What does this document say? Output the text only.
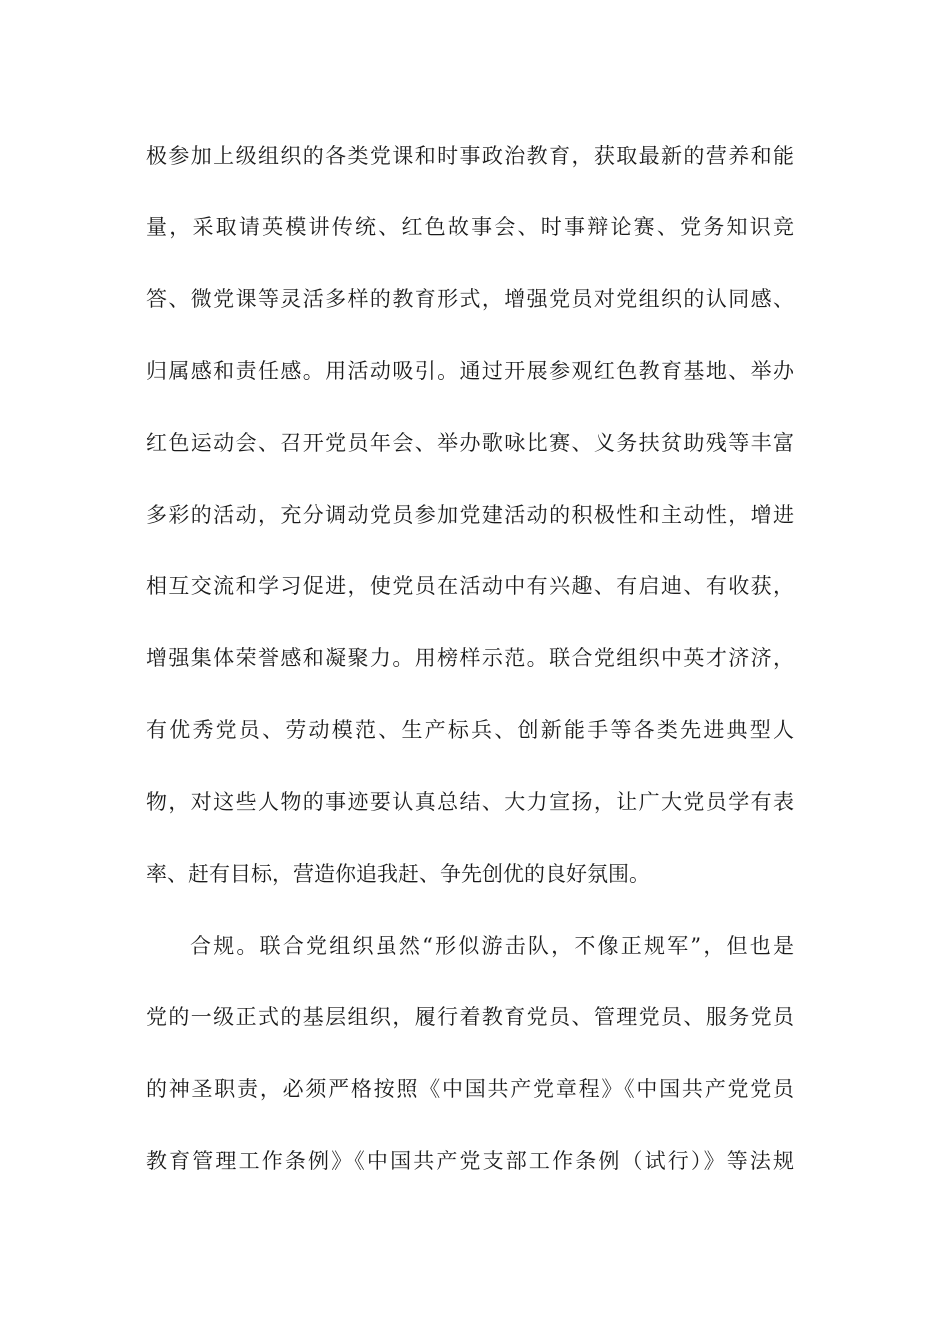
极参加上级组织的各类党课和时事政治教育，获取最新的营养和能
量，采取请英模讲传统、红色故事会、时事辩论赛、党务知识竞
答、微党课等灵活多样的教育形式，增强党员对党组织的认同感、
归属感和责任感。用活动吸引。通过开展参观红色教育基地、举办
红色运动会、召开党员年会、举办歌咏比赛、义务扶贫助残等丰富
多彩的活动，充分调动党员参加党建活动的积极性和主动性，增进
相互交流和学习促进，使党员在活动中有兴趣、有启迪、有收获，
增强集体荣誉感和凝聚力。用榜样示范。联合党组织中英才济济，
有优秀党员、劳动模范、生产标兵、创新能手等各类先进典型人
物，对这些人物的事迹要认真总结、大力宣扬，让广大党员学有表
率、赶有目标，营造你追我赶、争先创优的良好氛围。
合规。联合党组织虽然“形似游击队，不像正规军”，但也是
党的一级正式的基层组织，履行着教育党员、管理党员、服务党员
的神圣职责，必须严格按照《中国共产党章程》《中国共产党党员
教育管理工作条例》《中国共产党支部工作条例（试行）》等法规
